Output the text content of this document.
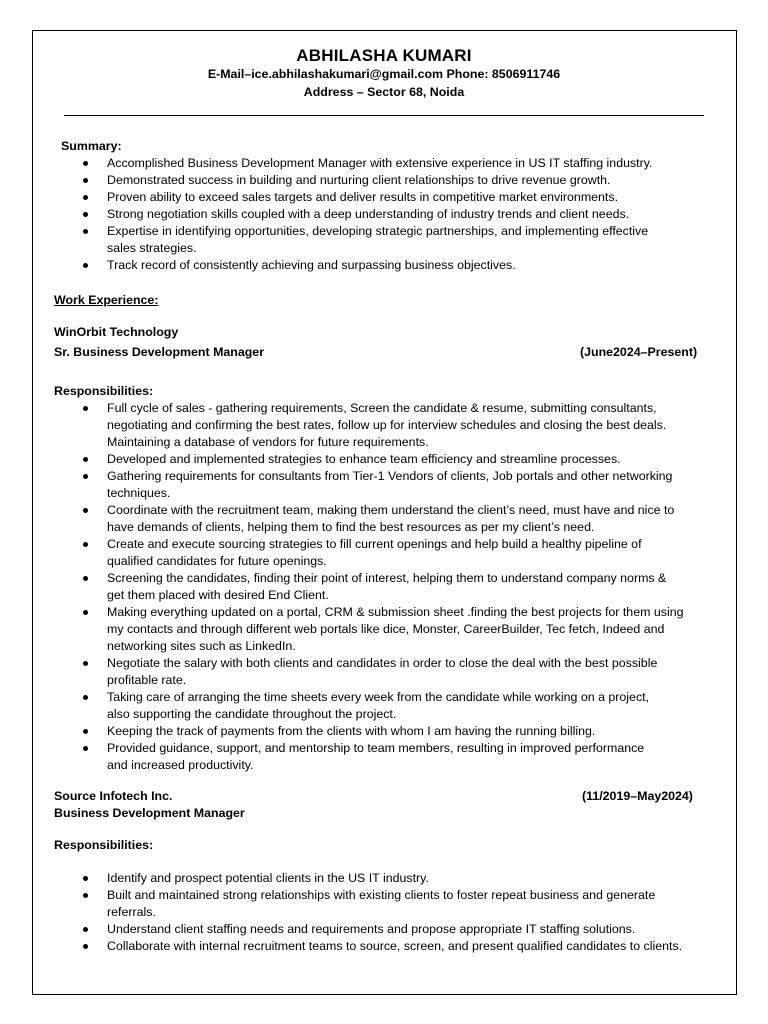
ABHILASHA KUMARI
E-Mail–ice.abhilashakumari@gmail.com Phone: 8506911746
Address – Sector 68, Noida
Summary:
Accomplished Business Development Manager with extensive experience in US IT staffing industry.
Demonstrated success in building and nurturing client relationships to drive revenue growth.
Proven ability to exceed sales targets and deliver results in competitive market environments.
Strong negotiation skills coupled with a deep understanding of industry trends and client needs.
Expertise in identifying opportunities, developing strategic partnerships, and implementing effective
sales strategies.
Track record of consistently achieving and surpassing business objectives.
Work Experience:
WinOrbit Technology
Sr. Business Development Manager	(June2024–Present)
Responsibilities:
Full cycle of sales - gathering requirements, Screen the candidate & resume, submitting consultants,
negotiating and confirming the best rates, follow up for interview schedules and closing the best deals.
Maintaining a database of vendors for future requirements.
Developed and implemented strategies to enhance team efficiency and streamline processes.
Gathering requirements for consultants from Tier-1 Vendors of clients, Job portals and other networking
techniques.
Coordinate with the recruitment team, making them understand the client’s need, must have and nice to
have demands of clients, helping them to find the best resources as per my client’s need.
Create and execute sourcing strategies to fill current openings and help build a healthy pipeline of
qualified candidates for future openings.
Screening the candidates, finding their point of interest, helping them to understand company norms &
get them placed with desired End Client.
Making everything updated on a portal, CRM & submission sheet .finding the best projects for them using
my contacts and through different web portals like dice, Monster, CareerBuilder, Tec fetch, Indeed and
networking sites such as LinkedIn.
Negotiate the salary with both clients and candidates in order to close the deal with the best possible
profitable rate.
Taking care of arranging the time sheets every week from the candidate while working on a project,
also supporting the candidate throughout the project.
Keeping the track of payments from the clients with whom I am having the running billing.
Provided guidance, support, and mentorship to team members, resulting in improved performance
and increased productivity.
Source Infotech Inc.
Business Development Manager
(11/2019–May2024)
Responsibilities:
Identify and prospect potential clients in the US IT industry.
Built and maintained strong relationships with existing clients to foster repeat business and generate
referrals.
Understand client staffing needs and requirements and propose appropriate IT staffing solutions.
Collaborate with internal recruitment teams to source, screen, and present qualified candidates to clients.
